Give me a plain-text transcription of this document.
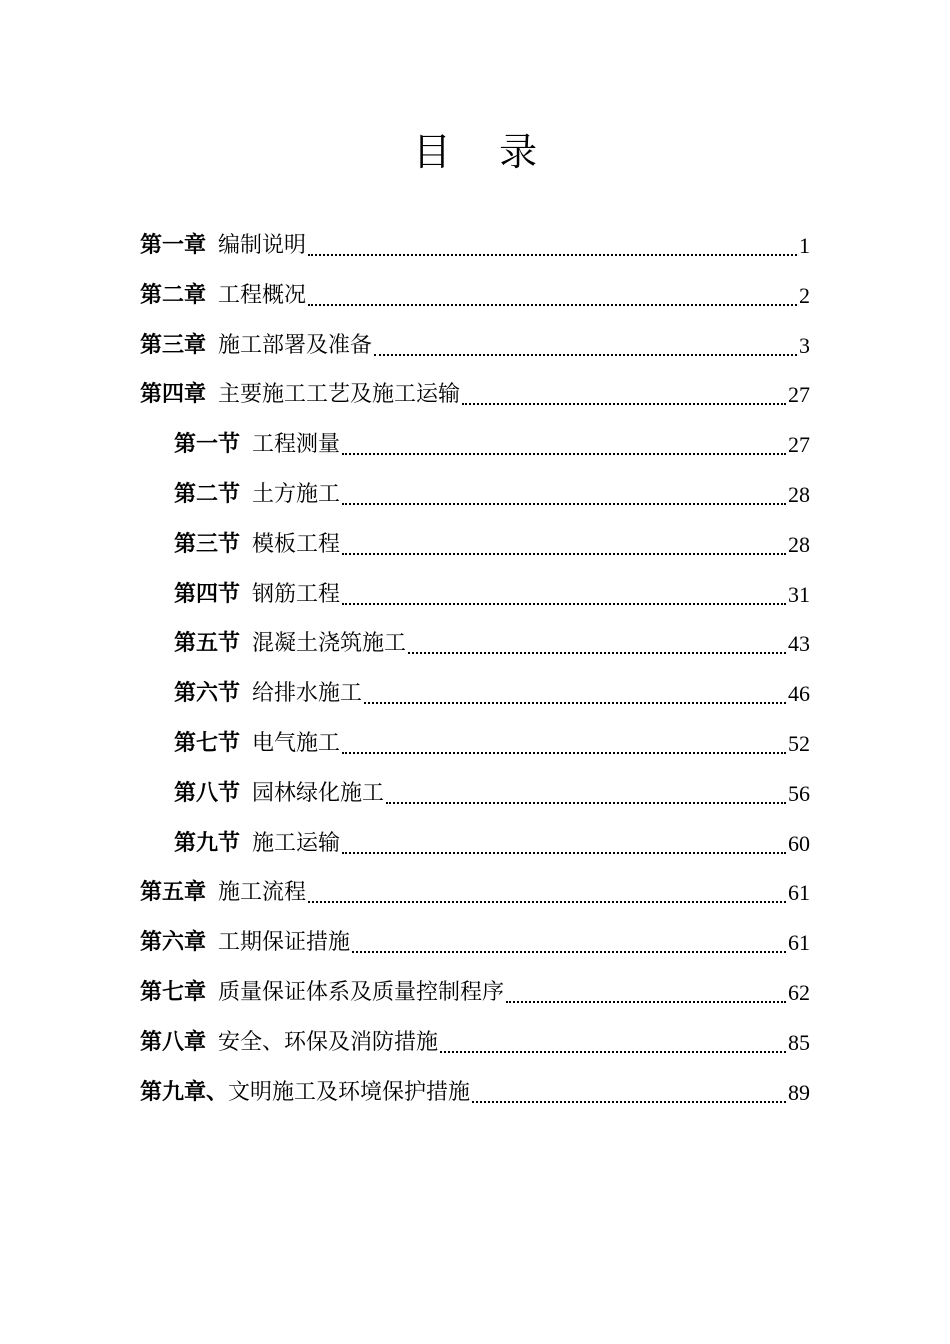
目    录
第一章 编制说明	1
第二章 工程概况	2
第三章 施工部署及准备	3
第四章 主要施工工艺及施工运输	27
第一节 工程测量	27
第二节 土方施工	28
第三节 模板工程	28
第四节 钢筋工程	31
第五节 混凝土浇筑施工	43
第六节 给排水施工	46
第七节 电气施工	52
第八节 园林绿化施工	56
第九节 施工运输	60
第五章 施工流程	61
第六章 工期保证措施	61
第七章 质量保证体系及质量控制程序	62
第八章 安全、环保及消防措施	85
第九章、文明施工及环境保护措施	89
